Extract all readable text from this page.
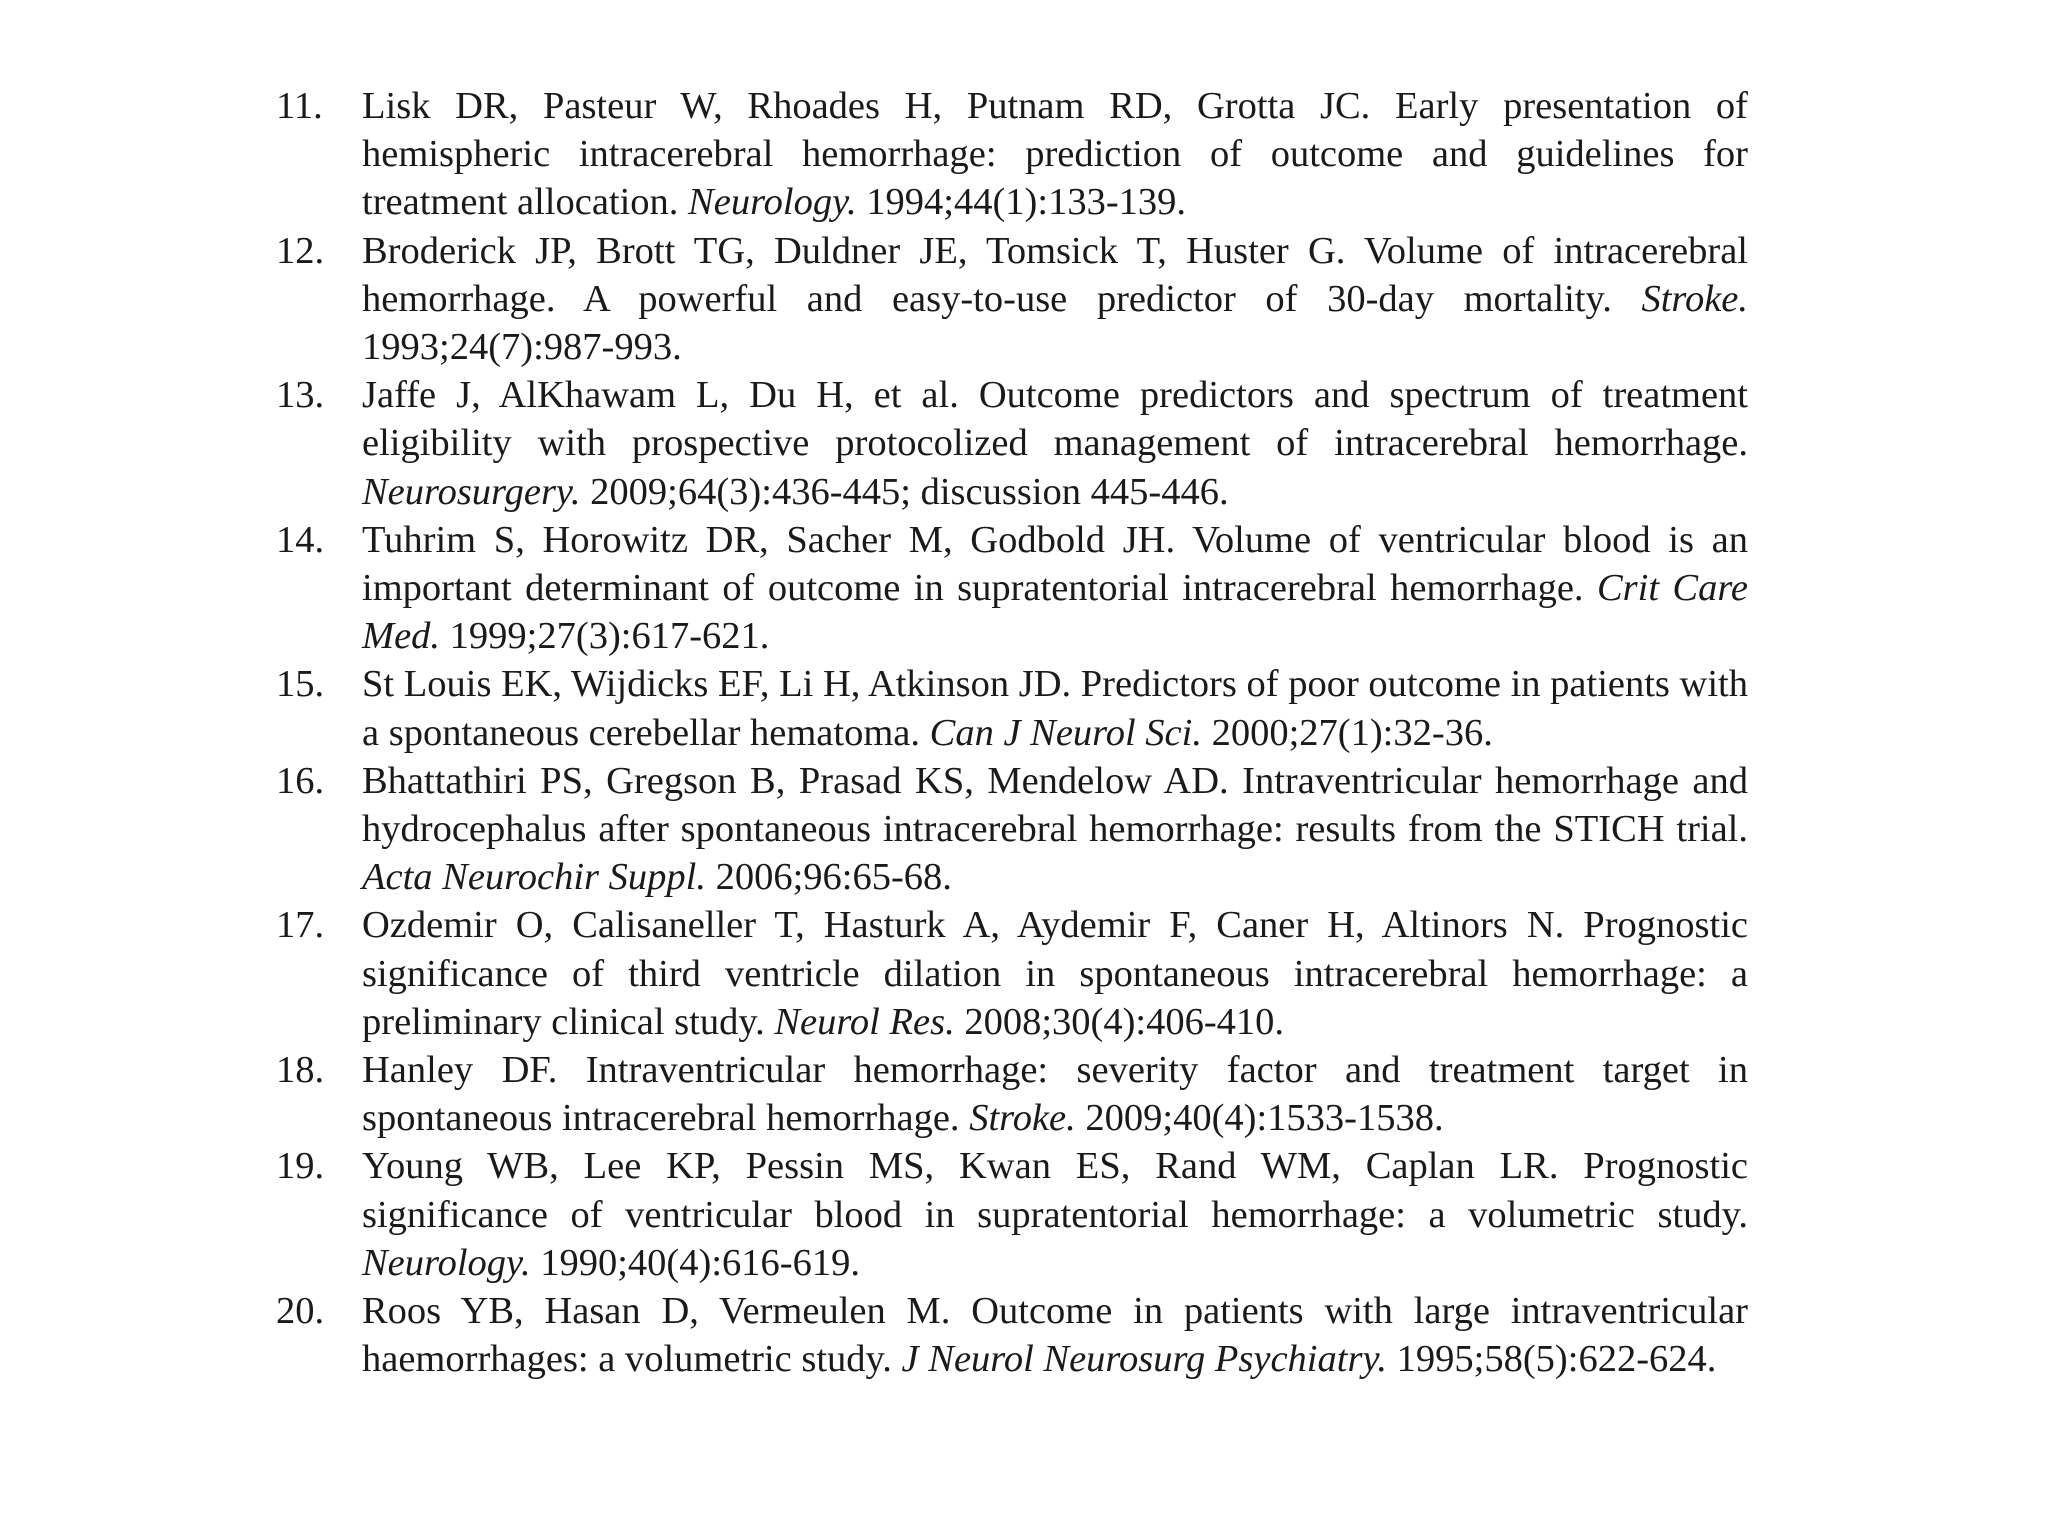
11.	Lisk DR, Pasteur W, Rhoades H, Putnam RD, Grotta JC. Early presentation of hemispheric intracerebral hemorrhage: prediction of outcome and guidelines for treatment allocation. Neurology. 1994;44(1):133-139.
12. Broderick JP, Brott TG, Duldner JE, Tomsick T, Huster G. Volume of intracerebral hemorrhage. A powerful and easy-to-use predictor of 30-day mortality. Stroke. 1993;24(7):987-993.
13. Jaffe J, AlKhawam L, Du H, et al. Outcome predictors and spectrum of treatment eligibility with prospective protocolized management of intracerebral hemorrhage. Neurosurgery. 2009;64(3):436-445; discussion 445-446.
14. Tuhrim S, Horowitz DR, Sacher M, Godbold JH. Volume of ventricular blood is an important determinant of outcome in supratentorial intracerebral hemorrhage. Crit Care Med. 1999;27(3):617-621.
15. St Louis EK, Wijdicks EF, Li H, Atkinson JD. Predictors of poor outcome in patients with a spontaneous cerebellar hematoma. Can J Neurol Sci. 2000;27(1):32-36.
16. Bhattathiri PS, Gregson B, Prasad KS, Mendelow AD. Intraventricular hemorrhage and hydrocephalus after spontaneous intracerebral hemorrhage: results from the STICH trial. Acta Neurochir Suppl. 2006;96:65-68.
17. Ozdemir O, Calisaneller T, Hasturk A, Aydemir F, Caner H, Altinors N. Prognostic significance of third ventricle dilation in spontaneous intracerebral hemorrhage: a preliminary clinical study. Neurol Res. 2008;30(4):406-410.
18. Hanley DF. Intraventricular hemorrhage: severity factor and treatment target in spontaneous intracerebral hemorrhage. Stroke. 2009;40(4):1533-1538.
19. Young WB, Lee KP, Pessin MS, Kwan ES, Rand WM, Caplan LR. Prognostic significance of ventricular blood in supratentorial hemorrhage: a volumetric study. Neurology. 1990;40(4):616-619.
20. Roos YB, Hasan D, Vermeulen M. Outcome in patients with large intraventricular haemorrhages: a volumetric study. J Neurol Neurosurg Psychiatry. 1995;58(5):622-624.
